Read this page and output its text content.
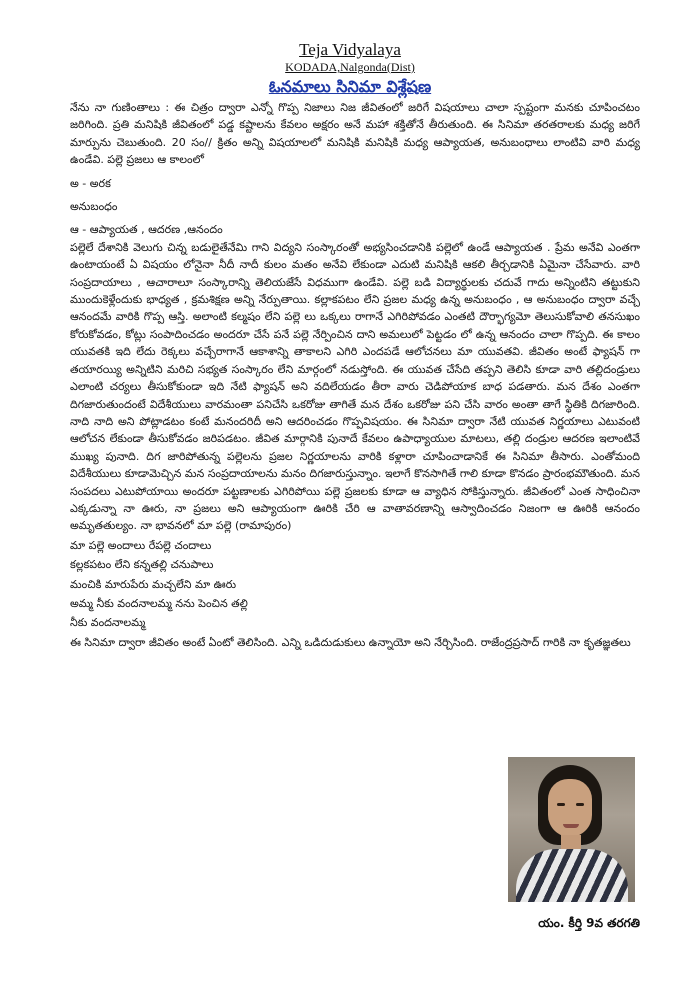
Teja Vidyalaya
KODADA,Nalgonda(Dist)
ఓనమాలు సినిమా విశ్లేషణ

నేను నా గుణింతాలు : ఈ చిత్రం ద్వారా ఎన్నో గొప్ప నిజాలు నిజ జీవితంలో జరిగే విషయాలు చాలా స్పష్టంగా మనకు చూపించటం జరిగింది. ప్రతి మనిషికి జీవితంలో పడ్డ కష్టాలను కేవలం అక్షరం అనే మహా శక్తితోనే తీరుతుంది. ఈ సినిమా తరతరాలకు మధ్య జరిగే మార్పును చెబుతుంది. 20 సం// క్రితం అన్ని విషయాలలో మనిషికి మనిషికి మధ్య ఆప్యాయత, అనుబంధాలు లాంటివి వారి మధ్య ఉండేవి. పల్లె ప్రజలు ఆ కాలంలో

అ - అరక

అనుబంధం

ఆ - ఆప్యాయత , ఆదరణ ,ఆనందం

పల్లెలే దేశానికి వెలుగు చిన్న బడులైతేనేమి గాని విద్యని సంస్కారంతో అభ్యసించడానికి పల్లెలో ఉండే ఆప్యాయత . ప్రేమ అనేవి ఎంతగా ఉంటాయంటే ఏ విషయం లోనైనా నీదీ నాదీ కులం మతం అనేవి లేకుండా ఎదుటి మనిషికి ఆకలి తీర్చడానికి ఏమైనా చేసేవారు. వారి సంప్రదాయాలు , ఆచారాలూ సంస్కారాన్ని తెలియజేసే విధముగా ఉండేవి. పల్లె బడి విద్యార్థులకు చదువే గాదు అన్నింటిని తట్టుకుని ముందుకెళ్లేందుకు భాధ్యత , క్రమశిక్షణ అన్ని నేర్పుతాయి. కల్లాకపటం లేని ప్రజల మధ్య ఉన్న అనుబంధం , ఆ అనుబంధం ద్వారా వచ్చే ఆనందమే వారికి గొప్ప ఆస్తి. అలాంటి కల్మషం లేని పల్లె లు ఒక్కలు రాగానే ఎగిరిపోవడం ఎంతటి దౌర్భాగ్యమో తెలుసుకోవాలి తనసుఖం కోరుకోవడం, కోట్లు సంపాదించడం అందరూ చేసే పనే పల్లె నేర్పించిన దాని అమలులో పెట్టడం లో ఉన్న ఆనందం చాలా గొప్పది. ఈ కాలం యువతకి ఇది లేదు రెక్కలు వచ్చేరాగానే ఆకాశాన్ని తాకాలని ఎగిరి ఎందపడే ఆలోచనలు మా యువతవి. జీవితం అంటే ఫ్యాషన్ గా తయారయ్యి అన్నిటిని మరిచి సభ్యత సంస్కారం లేని మార్గంలో నడుస్తోంది. ఈ యువత చేసేది తప్పని తెలిసి కూడా వారి తల్లిదండ్రులు ఎలాంటి చర్యలు తీసుకోకుండా ఇది నేటి ఫ్యాషన్ అని వదిలేయడం తీరా వారు చెడిపోయాక బాధ పడతారు. మన దేశం ఎంతగా దిగజారుతుందంటే విదేశీయులు వారమంతా పనిచేసి ఒకరోజు తాగితే మన దేశం ఒకరోజు పని చేసి వారం అంతా తాగే స్థితికి దిగజారింది. నాది నాది అని పోట్లాడటం కంటే మనందరిదీ అని ఆదరించడం గొప్పవిషయం. ఈ సినిమా ద్వారా నేటి యువత నిర్ణయాలు ఎటువంటి ఆలోచన లేకుండా తీసుకోవడం జరిపడటం. జీవిత మార్గానికి పునాదే కేవలం ఉపాధ్యాయుల మాటలు, తల్లి దండ్రుల ఆదరణ ఇలాంటివే ముఖ్య పునాది. దిగ జారిపోతున్న పల్లెలను ప్రజల నిర్ణయాలను వారికి కళ్లారా చూపించాడానికే ఈ సినిమా తీసారు. ఎంతోమంది విదేశీయులు కూడామెచ్చిన మన సంప్రదాయాలను మనం దిగజారుస్తున్నాం. ఇలాగే కొనసాగితే గాలి కూడా కొనడం ప్రారంభమౌతుంది. మన సంపదలు ఎటుపోయాయి అందరూ పట్టణాలకు ఎగిరిపోయి పల్లె ప్రజలకు కూడా ఆ వ్యాధిన సోకిస్తున్నారు. జీవితంలో ఎంత సాధించినా ఎక్కడున్నా నా ఊరు, నా ప్రజలు అని ఆప్యాయంగా ఊరికి చేరి ఆ వాతావరణాన్ని ఆస్వాదించడం నిజంగా ఆ ఊరికి ఆనందం అమృతతుల్యం. నా భావనలో మా పల్లె (రామాపురం)

మా పల్లె అందాలు రేపల్లె చందాలు

కల్లకపటం లేని కన్నతల్లి చనుపాలు

మంచికి మారుపేరు మచ్చలేని మా ఊరు

అమ్మ నీకు వందనాలమ్మ నను పెంచిన తల్లి

నీకు వందనాలమ్మ

ఈ సినిమా ద్వారా జీవితం అంటే ఏంటో తెలిసింది. ఎన్ని ఒడిదుడుకులు ఉన్నాయో అని నేర్చిసింది. రాజేంద్రప్రసాద్ గారికి నా కృతజ్ఞతలు

యం. కీర్తి 9వ తరగతి
